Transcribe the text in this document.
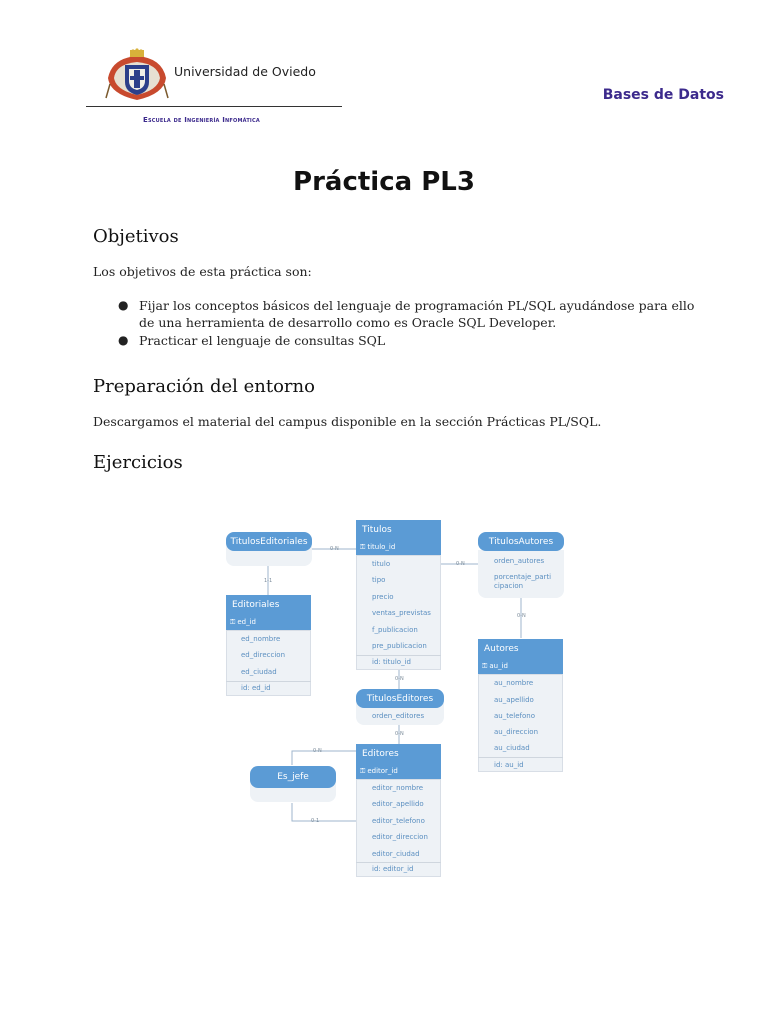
Universidad de Oviedo
Escuela de Ingeniería Infomática
Bases de Datos
Práctica PL3
Objetivos
Los objetivos de esta práctica son:
● Fijar los conceptos básicos del lenguaje de programación PL/SQL ayudándose para ello de una herramienta de desarrollo como es Oracle SQL Developer.
● Practicar el lenguaje de consultas SQL
Preparación del entorno
Descargamos el material del campus disponible en la sección Prácticas PL/SQL.
Ejercicios
0-N
1-1
0-N
0-N
0-N
0-N
0-N
0-1
TitulosEditoriales
Titulos
⚿ titulo_id
titulo
tipo
precio
ventas_previstas
f_publicacion
pre_publicacion
id: titulo_id
TitulosAutores
orden_autores
porcentaje_parti
cipacion
Editoriales
⚿ ed_id
ed_nombre
ed_direccion
ed_ciudad
id: ed_id
Autores
⚿ au_id
au_nombre
au_apellido
au_telefono
au_direccion
au_ciudad
id: au_id
TitulosEditores
orden_editores
Editores
⚿ editor_id
editor_nombre
editor_apellido
editor_telefono
editor_direccion
editor_ciudad
id: editor_id
Es_jefe
